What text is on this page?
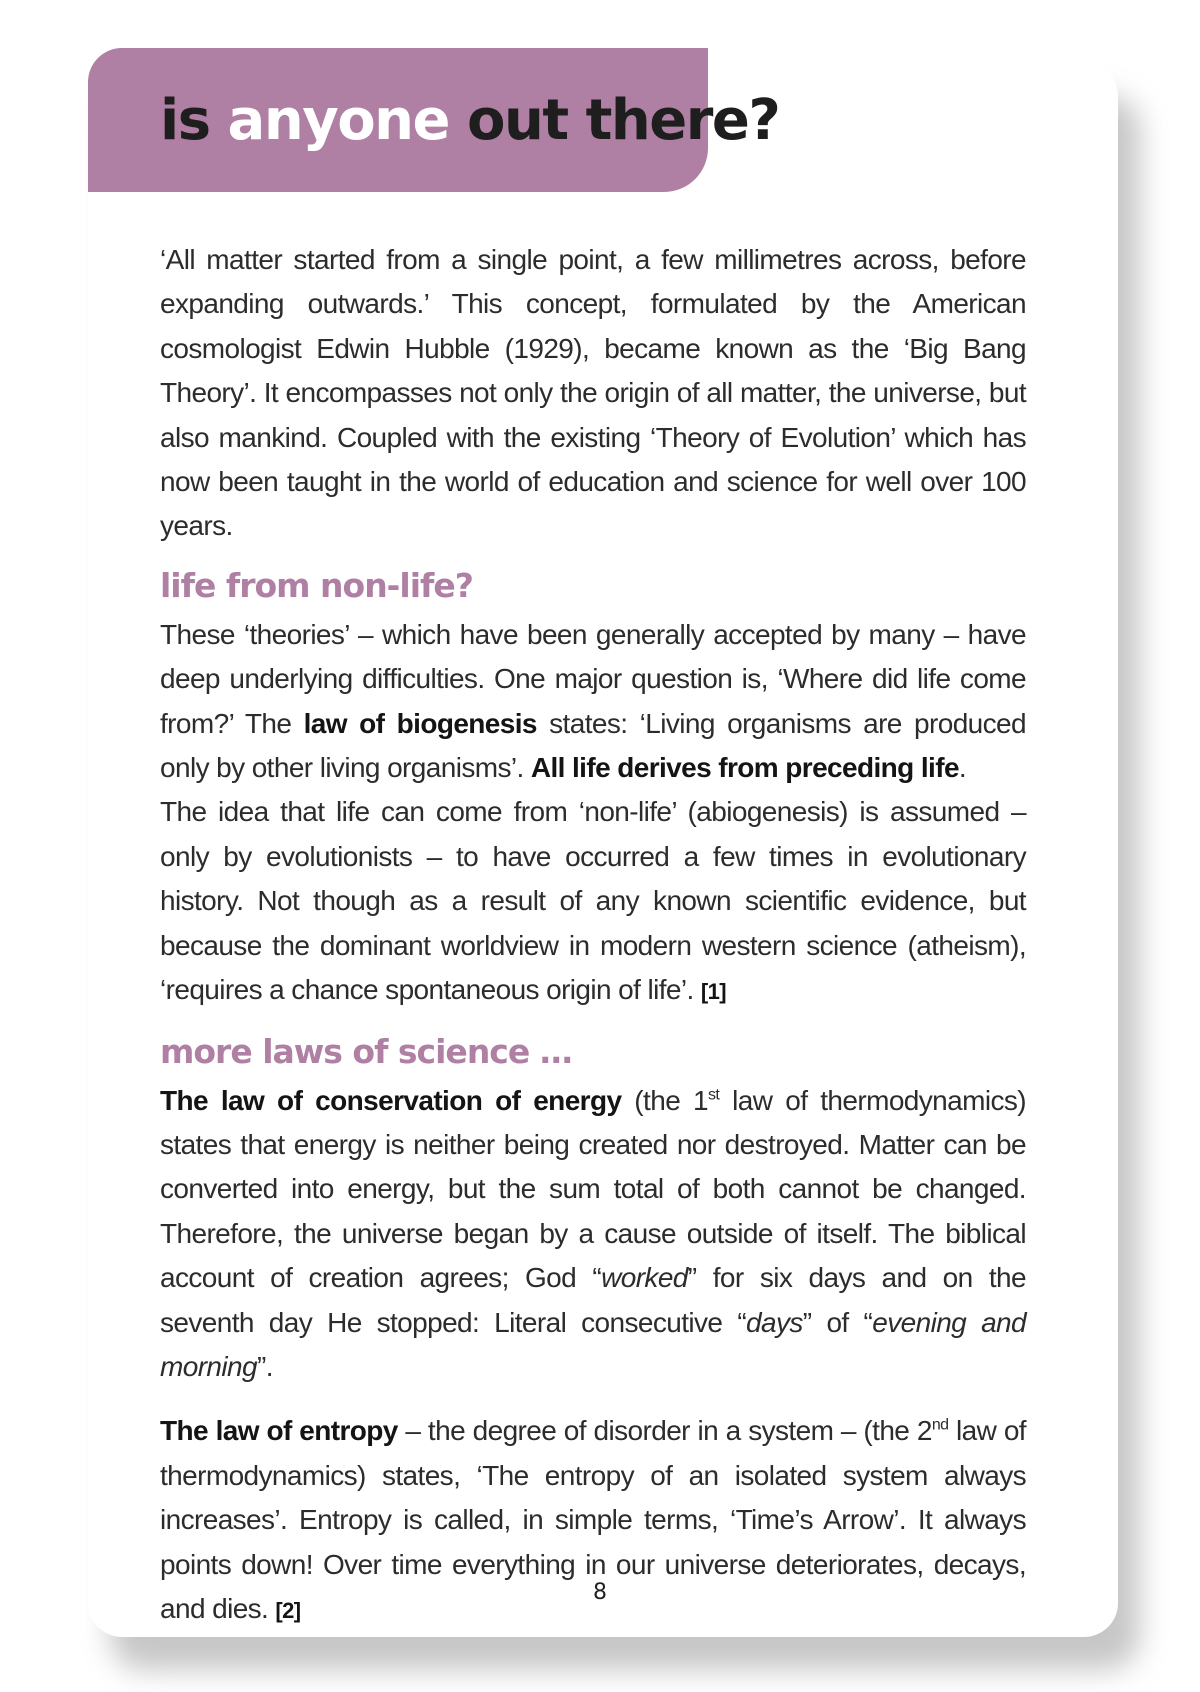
is anyone out there?

‘All matter started from a single point, a few millimetres across, before expanding outwards.’ This concept, formulated by the American cosmologist Edwin Hubble (1929), became known as the ‘Big Bang Theory’. It encompasses not only the origin of all matter, the universe, but also mankind. Coupled with the existing ‘Theory of Evolution’ which has now been taught in the world of education and science for well over 100 years.

life from non-life?

These ‘theories’ – which have been generally accepted by many – have deep underlying difficulties. One major question is, ‘Where did life come from?’ The law of biogenesis states: ‘Living organisms are produced only by other living organisms’. All life derives from preceding life.

The idea that life can come from ‘non-life’ (abiogenesis) is assumed – only by evolutionists – to have occurred a few times in evolutionary history. Not though as a result of any known scientific evidence, but because the dominant worldview in modern western science (atheism), ‘requires a chance spontaneous origin of life’. [1]

more laws of science …

The law of conservation of energy (the 1st law of thermodynamics) states that energy is neither being created nor destroyed. Matter can be converted into energy, but the sum total of both cannot be changed. Therefore, the universe began by a cause outside of itself. The biblical account of creation agrees; God “worked” for six days and on the seventh day He stopped: Literal consecutive “days” of “evening and morning”.

The law of entropy – the degree of disorder in a system – (the 2nd law of thermodynamics) states, ‘The entropy of an isolated system always increases’. Entropy is called, in simple terms, ‘Time’s Arrow’. It always points down! Over time everything in our universe deteriorates, decays, and dies. [2]

8
